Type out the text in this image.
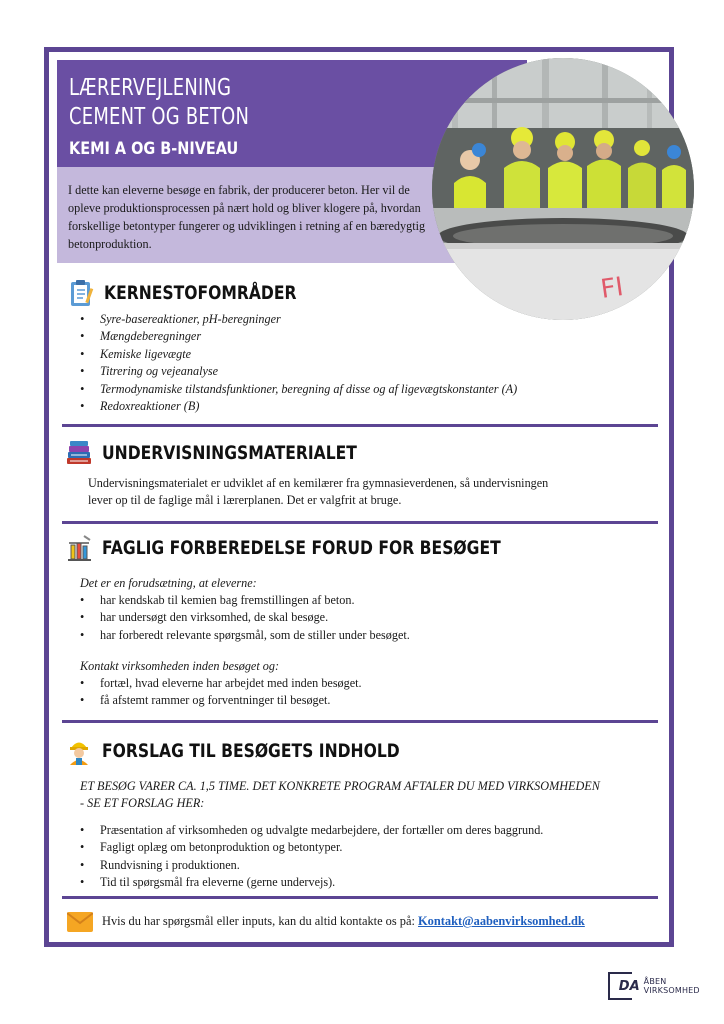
LÆRERVEJLENING
CEMENT OG BETON
KEMI A OG B-NIVEAU

I dette kan eleverne besøge en fabrik, der producerer beton. Her vil de opleve produktionsprocessen på nært hold og bliver klogere på, hvordan forskellige betontyper fungerer og udviklingen i retning af en bæredygtig betonproduktion.

FI
KERNESTOFOMRÅDER
• Syre-basereaktioner, pH-beregninger
• Mængdeberegninger
• Kemiske ligevægte
• Titrering og vejeanalyse
• Termodynamiske tilstandsfunktioner, beregning af disse og af ligevægtskonstanter (A)
• Redoxreaktioner (B)
UNDERVISNINGSMATERIALET

Undervisningsmaterialet er udviklet af en kemilærer fra gymnasieverdenen, så undervisningen
lever op til de faglige mål i lærerplanen. Det er valgfrit at bruge.

FAGLIG FORBEREDELSE FORUD FOR BESØGET

Det er en forudsætning, at eleverne:

• har kendskab til kemien bag fremstillingen af beton.
• har undersøgt den virksomhed, de skal besøge.
• har forberedt relevante spørgsmål, som de stiller under besøget.

Kontakt virksomheden inden besøget og:

• fortæl, hvad eleverne har arbejdet med inden besøget.
• få afstemt rammer og forventninger til besøget.
FORSLAG TIL BESØGETS INDHOLD

ET BESØG VARER CA. 1,5 TIME. DET KONKRETE PROGRAM AFTALER DU MED VIRKSOMHEDEN
- SE ET FORSLAG HER:

• Præsentation af virksomheden og udvalgte medarbejdere, der fortæller om deres baggrund.
• Fagligt oplæg om betonproduktion og betontyper.
• Rundvisning i produktionen.
• Tid til spørgsmål fra eleverne (gerne undervejs).
Hvis du har spørgsmål eller inputs, kan du altid kontakte os på: Kontakt@aabenvirksomhed.dk
DA ÅBEN VIRKSOMHED
